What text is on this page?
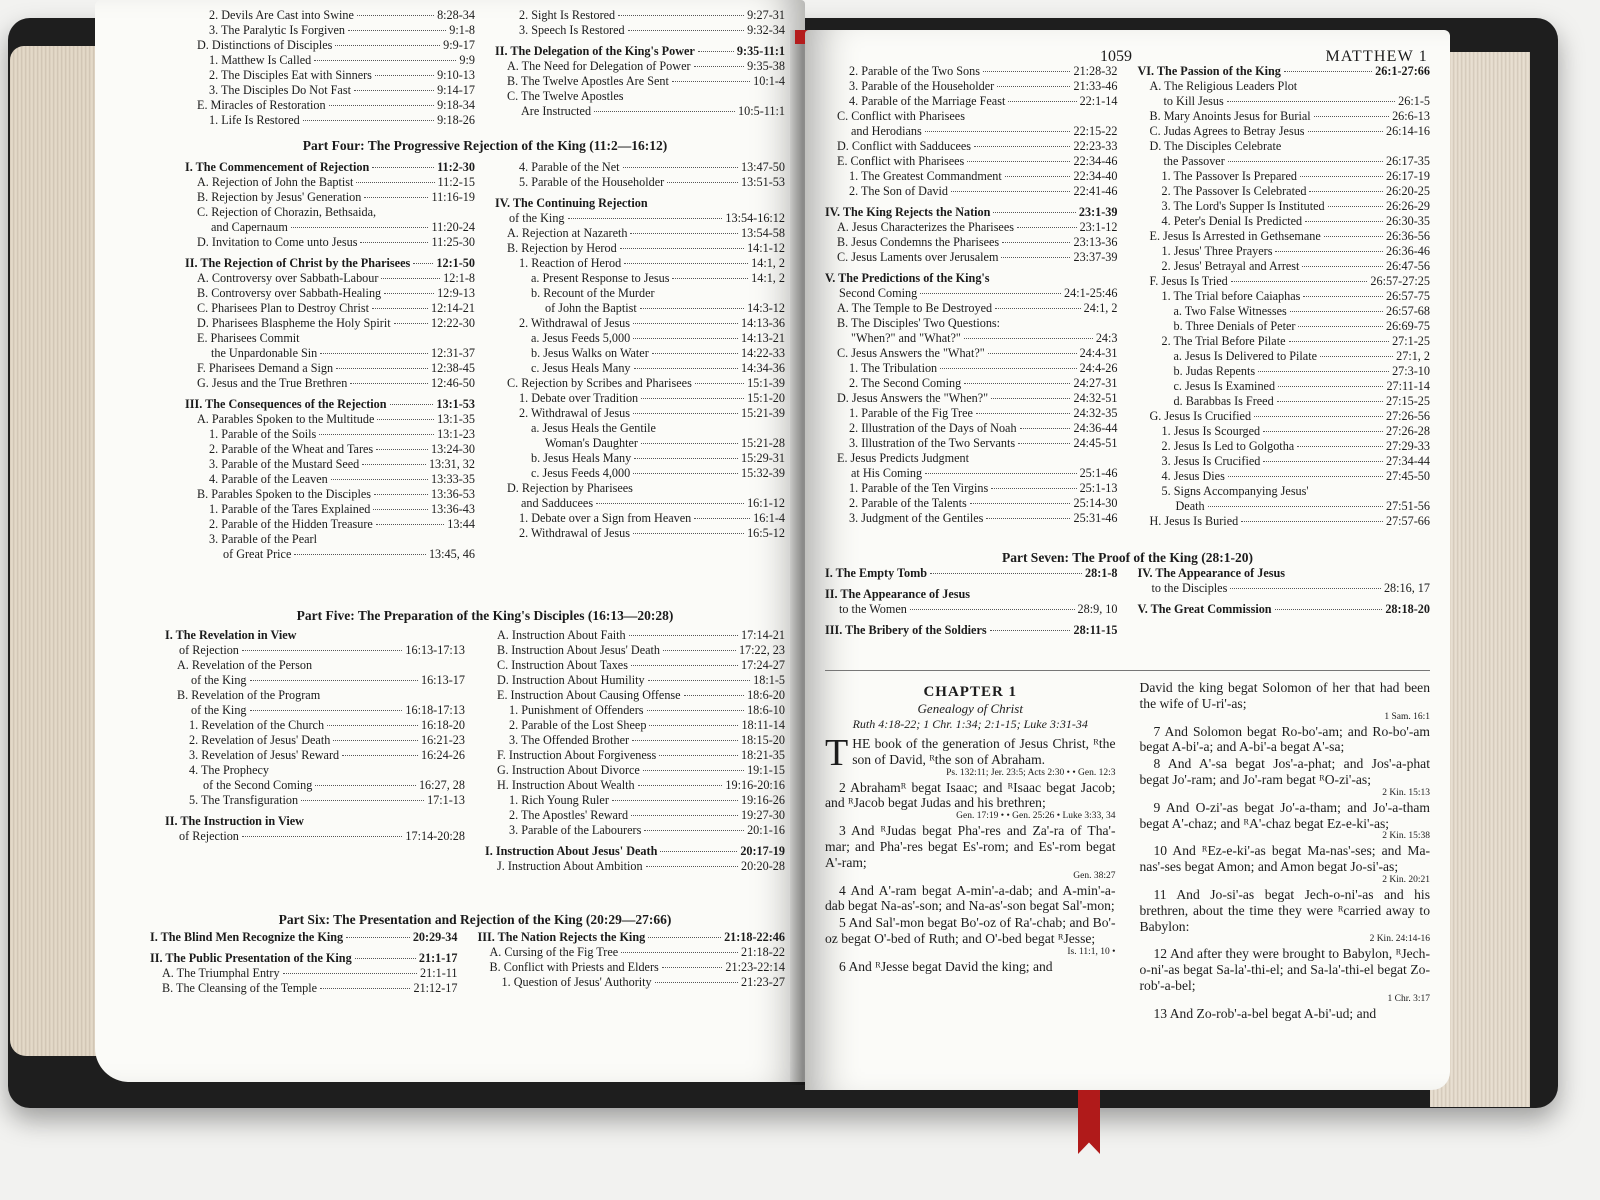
2. Devils Are Cast into Swine	8:28-34
3. The Paralytic Is Forgiven	9:1-8
D. Distinctions of Disciples	9:9-17
1. Matthew Is Called	9:9
2. The Disciples Eat with Sinners	9:10-13
3. The Disciples Do Not Fast	9:14-17
E. Miracles of Restoration	9:18-34
1. Life Is Restored	9:18-26
2. Sight Is Restored	9:27-31
3. Speech Is Restored	9:32-34
II. The Delegation of the King's Power	9:35-11:1
A. The Need for Delegation of Power	9:35-38
B. The Twelve Apostles Are Sent	10:1-4
C. The Twelve Apostles
Are Instructed	10:5-11:1
Part Four: The Progressive Rejection of the King (11:2—16:12)
I. The Commencement of Rejection	11:2-30
A. Rejection of John the Baptist	11:2-15
B. Rejection by Jesus' Generation	11:16-19
C. Rejection of Chorazin, Bethsaida,
and Capernaum	11:20-24
D. Invitation to Come unto Jesus	11:25-30
II. The Rejection of Christ by the Pharisees 12:1-50
A. Controversy over Sabbath-Labour	12:1-8
B. Controversy over Sabbath-Healing	12:9-13
C. Pharisees Plan to Destroy Christ	12:14-21
D. Pharisees Blaspheme the Holy Spirit	12:22-30
E. Pharisees Commit
the Unpardonable Sin	12:31-37
F. Pharisees Demand a Sign	12:38-45
G. Jesus and the True Brethren	12:46-50
III. The Consequences of the Rejection	13:1-53
A. Parables Spoken to the Multitude	13:1-35
1. Parable of the Soils	13:1-23
2. Parable of the Wheat and Tares	13:24-30
3. Parable of the Mustard Seed	13:31, 32
4. Parable of the Leaven	13:33-35
B. Parables Spoken to the Disciples	13:36-53
1. Parable of the Tares Explained	13:36-43
2. Parable of the Hidden Treasure	13:44
3. Parable of the Pearl
of Great Price	13:45, 46
4. Parable of the Net	13:47-50
5. Parable of the Householder	13:51-53
IV. The Continuing Rejection
of the King	13:54-16:12
A. Rejection at Nazareth	13:54-58
B. Rejection by Herod	14:1-12
1. Reaction of Herod	14:1, 2
a. Present Response to Jesus	14:1, 2
b. Recount of the Murder
of John the Baptist	14:3-12
2. Withdrawal of Jesus	14:13-36
a. Jesus Feeds 5,000	14:13-21
b. Jesus Walks on Water	14:22-33
c. Jesus Heals Many	14:34-36
C. Rejection by Scribes and Pharisees	15:1-39
1. Debate over Tradition	15:1-20
2. Withdrawal of Jesus	15:21-39
a. Jesus Heals the Gentile
Woman's Daughter	15:21-28
b. Jesus Heals Many	15:29-31
c. Jesus Feeds 4,000	15:32-39
D. Rejection by Pharisees
and Sadducees	16:1-12
1. Debate over a Sign from Heaven	16:1-4
2. Withdrawal of Jesus	16:5-12
Part Five: The Preparation of the King's Disciples (16:13—20:28)
I. The Revelation in View
of Rejection	16:13-17:13
A. Revelation of the Person
of the King	16:13-17
B. Revelation of the Program
of the King	16:18-17:13
1. Revelation of the Church	16:18-20
2. Revelation of Jesus' Death	16:21-23
3. Revelation of Jesus' Reward	16:24-26
4. The Prophecy
of the Second Coming	16:27, 28
5. The Transfiguration	17:1-13
II. The Instruction in View
of Rejection	17:14-20:28
A. Instruction About Faith	17:14-21
B. Instruction About Jesus' Death	17:22, 23
C. Instruction About Taxes	17:24-27
D. Instruction About Humility	18:1-5
E. Instruction About Causing Offense	18:6-20
1. Punishment of Offenders	18:6-10
2. Parable of the Lost Sheep	18:11-14
3. The Offended Brother	18:15-20
F. Instruction About Forgiveness	18:21-35
G. Instruction About Divorce	19:1-15
H. Instruction About Wealth	19:16-20:16
1. Rich Young Ruler	19:16-26
2. The Apostles' Reward	19:27-30
3. Parable of the Labourers	20:1-16
I. Instruction About Jesus' Death	20:17-19
J. Instruction About Ambition	20:20-28
Part Six: The Presentation and Rejection of the King (20:29—27:66)
I. The Blind Men Recognize the King	20:29-34
II. The Public Presentation of the King	21:1-17
A. The Triumphal Entry	21:1-11
B. The Cleansing of the Temple	21:12-17
III. The Nation Rejects the King	21:18-22:46
A. Cursing of the Fig Tree	21:18-22
B. Conflict with Priests and Elders	21:23-22:14
1. Question of Jesus' Authority	21:23-27
1059	MATTHEW 1
2. Parable of the Two Sons	21:28-32
3. Parable of the Householder	21:33-46
4. Parable of the Marriage Feast	22:1-14
C. Conflict with Pharisees
and Herodians	22:15-22
D. Conflict with Sadducees	22:23-33
E. Conflict with Pharisees	22:34-46
1. The Greatest Commandment	22:34-40
2. The Son of David	22:41-46
IV. The King Rejects the Nation	23:1-39
A. Jesus Characterizes the Pharisees	23:1-12
B. Jesus Condemns the Pharisees	23:13-36
C. Jesus Laments over Jerusalem	23:37-39
V. The Predictions of the King's
Second Coming	24:1-25:46
A. The Temple to Be Destroyed	24:1, 2
B. The Disciples' Two Questions:
"When?" and "What?"	24:3
C. Jesus Answers the "What?"	24:4-31
1. The Tribulation	24:4-26
2. The Second Coming	24:27-31
D. Jesus Answers the "When?"	24:32-51
1. Parable of the Fig Tree	24:32-35
2. Illustration of the Days of Noah	24:36-44
3. Illustration of the Two Servants	24:45-51
E. Jesus Predicts Judgment
at His Coming	25:1-46
1. Parable of the Ten Virgins	25:1-13
2. Parable of the Talents	25:14-30
3. Judgment of the Gentiles	25:31-46
VI. The Passion of the King	26:1-27:66
A. The Religious Leaders Plot
to Kill Jesus	26:1-5
B. Mary Anoints Jesus for Burial	26:6-13
C. Judas Agrees to Betray Jesus	26:14-16
D. The Disciples Celebrate
the Passover	26:17-35
1. The Passover Is Prepared	26:17-19
2. The Passover Is Celebrated	26:20-25
3. The Lord's Supper Is Instituted	26:26-29
4. Peter's Denial Is Predicted	26:30-35
E. Jesus Is Arrested in Gethsemane	26:36-56
1. Jesus' Three Prayers	26:36-46
2. Jesus' Betrayal and Arrest	26:47-56
F. Jesus Is Tried	26:57-27:25
1. The Trial before Caiaphas	26:57-75
a. Two False Witnesses	26:57-68
b. Three Denials of Peter	26:69-75
2. The Trial Before Pilate	27:1-25
a. Jesus Is Delivered to Pilate	27:1, 2
b. Judas Repents	27:3-10
c. Jesus Is Examined	27:11-14
d. Barabbas Is Freed	27:15-25
G. Jesus Is Crucified	27:26-56
1. Jesus Is Scourged	27:26-28
2. Jesus Is Led to Golgotha	27:29-33
3. Jesus Is Crucified	27:34-44
4. Jesus Dies	27:45-50
5. Signs Accompanying Jesus'
Death	27:51-56
H. Jesus Is Buried	27:57-66
Part Seven: The Proof of the King (28:1-20)
I. The Empty Tomb	28:1-8
II. The Appearance of Jesus
to the Women	28:9, 10
III. The Bribery of the Soldiers	28:11-15
IV. The Appearance of Jesus
to the Disciples	28:16, 17
V. The Great Commission	28:18-20
CHAPTER 1
Genealogy of Christ
Ruth 4:18-22; 1 Chr. 1:34; 2:1-15; Luke 3:31-34
T HE book of the generation of Jesus Christ, ᴿthe son of David, ᴿthe son of Abraham.
Ps. 132:11; Jer. 23:5; Acts 2:30 • • Gen. 12:3
2 Abrahamᴿ begat Isaac; and ᴿIsaac begat Jacob; and ᴿJacob begat Judas and his brethren;
Gen. 17:19 • • Gen. 25:26 • Luke 3:33, 34
3 And ᴿJudas begat Pha'-res and Za'-ra of Tha'-mar; and Pha'-res begat Es'-rom; and Es'-rom begat A'-ram;
Gen. 38:27
4 And A'-ram begat A-min'-a-dab; and A-min'-a-dab begat Na-as'-son; and Na-as'-son begat Sal'-mon;
5 And Sal'-mon begat Bo'-oz of Ra'-chab; and Bo'-oz begat O'-bed of Ruth; and O'-bed begat ᴿJesse;
Is. 11:1, 10 •
6 And ᴿJesse begat David the king; and
David the king begat Solomon of her that had been the wife of U-ri'-as;
1 Sam. 16:1
7 And Solomon begat Ro-bo'-am; and Ro-bo'-am begat A-bi'-a; and A-bi'-a begat A'-sa;
8 And A'-sa begat Jos'-a-phat; and Jos'-a-phat begat Jo'-ram; and Jo'-ram begat ᴿO-zi'-as;
2 Kin. 15:13
9 And O-zi'-as begat Jo'-a-tham; and Jo'-a-tham begat A'-chaz; and ᴿA'-chaz begat Ez-e-ki'-as;
2 Kin. 15:38
10 And ᴿEz-e-ki'-as begat Ma-nas'-ses; and Ma-nas'-ses begat Amon; and Amon begat Jo-si'-as;
2 Kin. 20:21
11 And Jo-si'-as begat Jech-o-ni'-as and his brethren, about the time they were ᴿcarried away to Babylon:
2 Kin. 24:14-16
12 And after they were brought to Babylon, ᴿJech-o-ni'-as begat Sa-la'-thi-el; and Sa-la'-thi-el begat Zo-rob'-a-bel;
1 Chr. 3:17
13 And Zo-rob'-a-bel begat A-bi'-ud; and
